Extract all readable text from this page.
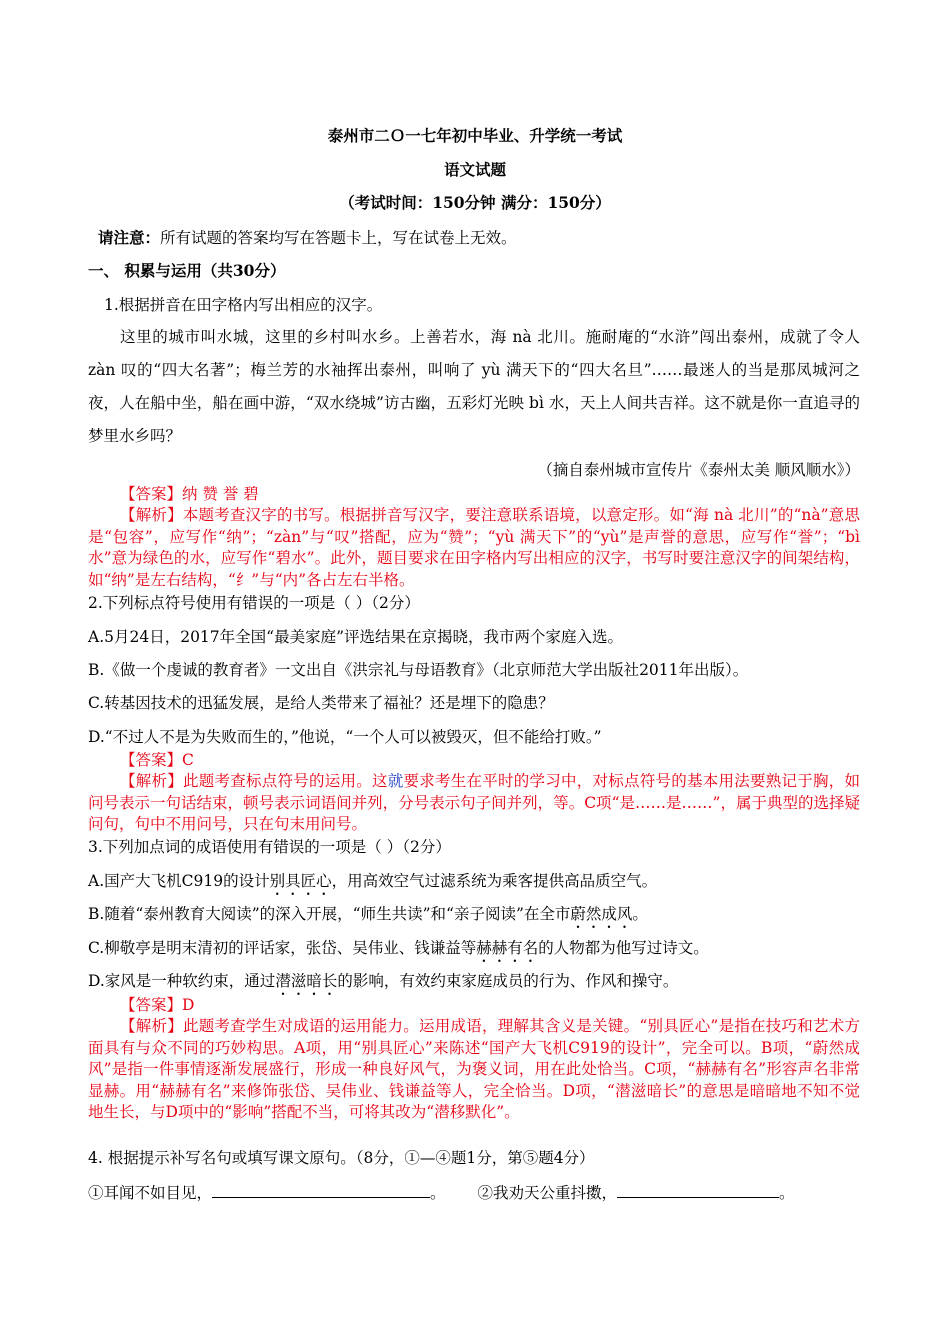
泰州市二Ｏ一七年初中毕业、升学统一考试
语文试题
（考试时间：150分钟 满分：150分）
请注意：所有试题的答案均写在答题卡上，写在试卷上无效。
一、 积累与运用（共30分）
1.根据拼音在田字格内写出相应的汉字。
这里的城市叫水城，这里的乡村叫水乡。上善若水，海 nà 北川。施耐庵的“水浒”闯出泰州，成就了令人 zàn 叹的“四大名著”；梅兰芳的水袖挥出泰州，叫响了 yù 满天下的“四大名旦”……最迷人的当是那凤城河之夜，人在船中坐，船在画中游，“双水绕城”访古幽，五彩灯光映 bì 水，天上人间共吉祥。这不就是你一直追寻的梦里水乡吗？
（摘自泰州城市宣传片《泰州太美 顺风顺水》）
【答案】纳 赞 誉 碧
【解析】本题考查汉字的书写。根据拼音写汉字，要注意联系语境，以意定形。如“海 nà 北川”的“nà”意思是“包容”，应写作“纳”；“zàn”与“叹”搭配，应为“赞”；“yù 满天下”的“yù”是声誉的意思，应写作“誉”；“bì 水”意为绿色的水，应写作“碧水”。此外，题目要求在田字格内写出相应的汉字，书写时要注意汉字的间架结构，如“纳”是左右结构，“纟”与“内”各占左右半格。
2.下列标点符号使用有错误的一项是（ ）（2分）
A.5月24日，2017年全国“最美家庭”评选结果在京揭晓，我市两个家庭入选。
B.《做一个虔诚的教育者》一文出自《洪宗礼与母语教育》（北京师范大学出版社2011年出版）。
C.转基因技术的迅猛发展，是给人类带来了福祉？还是埋下的隐患？
D.“不过人不是为失败而生的，”他说，“一个人可以被毁灭，但不能给打败。”
【答案】C
【解析】此题考查标点符号的运用。这就要求考生在平时的学习中，对标点符号的基本用法要熟记于胸，如问号表示一句话结束，顿号表示词语间并列，分号表示句子间并列，等。C项“是……是……”，属于典型的选择疑问句，句中不用问号，只在句末用问号。
3.下列加点词的成语使用有错误的一项是（ ）（2分）
A.国产大飞机C919的设计别具匠心，用高效空气过滤系统为乘客提供高品质空气。
B.随着“泰州教育大阅读”的深入开展，“师生共读”和“亲子阅读”在全市蔚然成风。
C.柳敬亭是明末清初的评话家，张岱、吴伟业、钱谦益等赫赫有名的人物都为他写过诗文。
D.家风是一种软约束，通过潜滋暗长的影响，有效约束家庭成员的行为、作风和操守。
【答案】D
【解析】此题考查学生对成语的运用能力。运用成语，理解其含义是关键。“别具匠心”是指在技巧和艺术方面具有与众不同的巧妙构思。A项，用“别具匠心”来陈述“国产大飞机C919的设计”，完全可以。B项，“蔚然成风”是指一件事情逐渐发展盛行，形成一种良好风气，为褒义词，用在此处恰当。C项，“赫赫有名”形容声名非常显赫。用“赫赫有名”来修饰张岱、吴伟业、钱谦益等人，完全恰当。D项，“潜滋暗长”的意思是暗暗地不知不觉地生长，与D项中的“影响”搭配不当，可将其改为“潜移默化”。
4. 根据提示补写名句或填写课文原句。（8分，①—④题1分，第⑤题4分）
①耳闻不如目见，	。 ②我劝天公重抖擞，	。
